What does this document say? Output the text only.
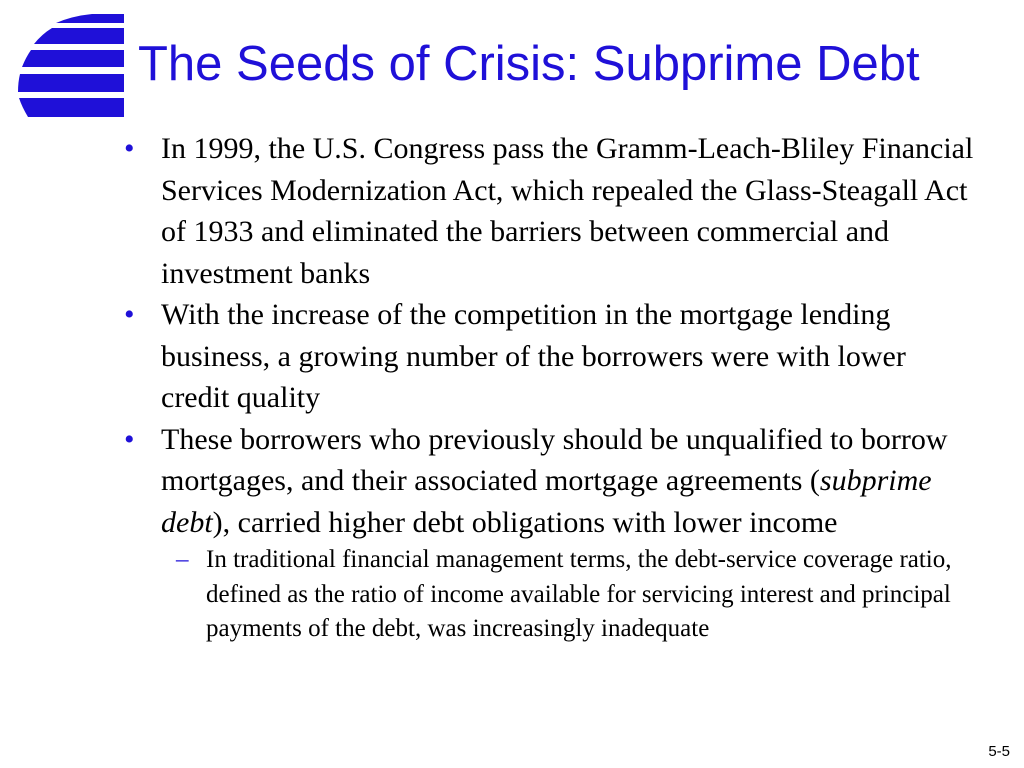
The Seeds of Crisis: Subprime Debt

• In 1999, the U.S. Congress pass the Gramm-Leach-Bliley Financial Services Modernization Act, which repealed the Glass-Steagall Act of 1933 and eliminated the barriers between commercial and investment banks

• With the increase of the competition in the mortgage lending business, a growing number of the borrowers were with lower credit quality

• These borrowers who previously should be unqualified to borrow mortgages, and their associated mortgage agreements (subprime debt), carried higher debt obligations with lower income

– In traditional financial management terms, the debt-service coverage ratio, defined as the ratio of income available for servicing interest and principal payments of the debt, was increasingly inadequate

5-5
